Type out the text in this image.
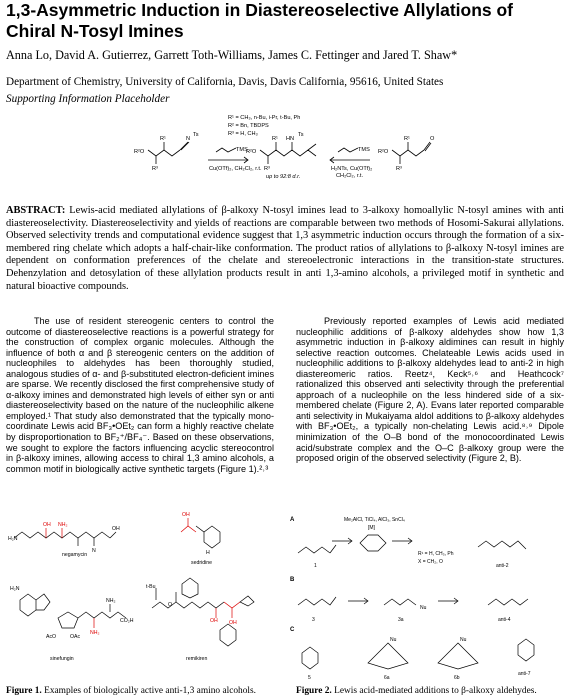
1,3-Asymmetric Induction in Diastereoselective Allylations of Chiral N-Tosyl Imines
Anna Lo, David A. Gutierrez, Garrett Toth-Williams, James C. Fettinger and Jared T. Shaw*
Department of Chemistry, University of California, Davis, Davis California, 95616, United States
Supporting Information Placeholder
R¹ = CH₃, n-Bu, i-Pr, t-Bu, Ph
R² = Bn, TBDPS
R³ = H, CH₃
R²O
R³
R¹	N
Ts
TMS
Cu(OTf)₂, CH₂Cl₂, r.t.
R²O
R³
R¹ HN
Ts
up to 92:8 d.r.
TMS
H₂NTs, Cu(OTf)₂
CH₂Cl₂, r.t.
R²O
R³
R¹	O
ABSTRACT: Lewis-acid mediated allylations of β-alkoxy N-tosyl imines lead to 3-alkoxy homoallylic N-tosyl amines with anti diastereoselectivity. Diastereoselectivity and yields of reactions are comparable between two methods of Hosomi-Sakurai allylations. Observed selectivity trends and computational evidence suggest that 1,3 asymmetric induction occurs through the formation of a six-membered ring chelate which adopts a half-chair-like conformation. The product ratios of allylations to β-alkoxy N-tosyl imines are dependent on conformation preferences of the chelate and stereoelectronic interactions in the transition-state structures. Dehenzylation and detosylation of these allylation products result in anti 1,3-amino alcohols, a privileged motif in synthetic and natural bioactive compounds.

The use of resident stereogenic centers to control the outcome of diastereoselective reactions is a powerful strategy for the construction of complex organic molecules. Although the influence of both α and β stereogenic centers on the addition of nucleophiles to aldehydes has been thoroughly studied, analogous studies of α- and β-substituted electron-deficient imines are sparse. We recently disclosed the first comprehensive study of α-alkoxy imines and demonstrated high levels of either syn or anti diastereoselectivity based on the nature of the nucleophilic alkene employed.¹ That study also demonstrated that the typically mono-coordinate Lewis acid BF₃•OEt₂ can form a highly reactive chelate by disproportionation to BF₂⁺/BF₄⁻. Based on these observations, we sought to explore the factors influencing acyclic stereocontrol in β-alkoxy imines, allowing access to chiral 1,3 amino alcohols, a common motif in biologically active synthetic targets (Figure 1).²˒³

Previously reported examples of Lewis acid mediated nucleophilic additions of β-alkoxy aldehydes show how 1,3 asymmetric induction in β-alkoxy aldimines can result in highly selective reaction outcomes. Chelateable Lewis acids used in nucleophilic additions to β-alkoxy aldehydes lead to anti-2 in high diastereomeric ratios. Reetz⁴, Keck⁵˒⁶ and Heathcock⁷ rationalized this observed anti selectivity through the preferential approach of a nucleophile on the less hindered side of a six-membered chelate (Figure 2, A). Evans later reported comparable anti selectivity in Mukaiyama aldol additions to β-alkoxy aldehydes with BF₃•OEt₂, a typically non-chelating Lewis acid.⁸˒⁹ Dipole minimization of the O–B bond of the monocoordinated Lewis acid/substrate complex and the O–C β-alkoxy group were the proposed origin of the observed selectivity (Figure 2, B).

H₂N
OH NH₂
N
OH
negamycin
OH
H
sedridine
H₂N
AcO	OAc
NH₂
NH₂
CO₂H
sinefungin
t-Bu
O
OH OH
remikiren
A
B
C
Me₂AlCl, TiCl₄, AlCl₃, SnCl₄
[M]
1
R¹ = H, CH₃, Ph
X = CH₂, O
anti-2
3	3a
Nu
anti-4
5	6a
Nu
6b
Nu
anti-7
Figure 1. Examples of biologically active anti-1,3 amino alcohols.	Figure 2. Lewis acid-mediated additions to β-alkoxy aldehydes.
